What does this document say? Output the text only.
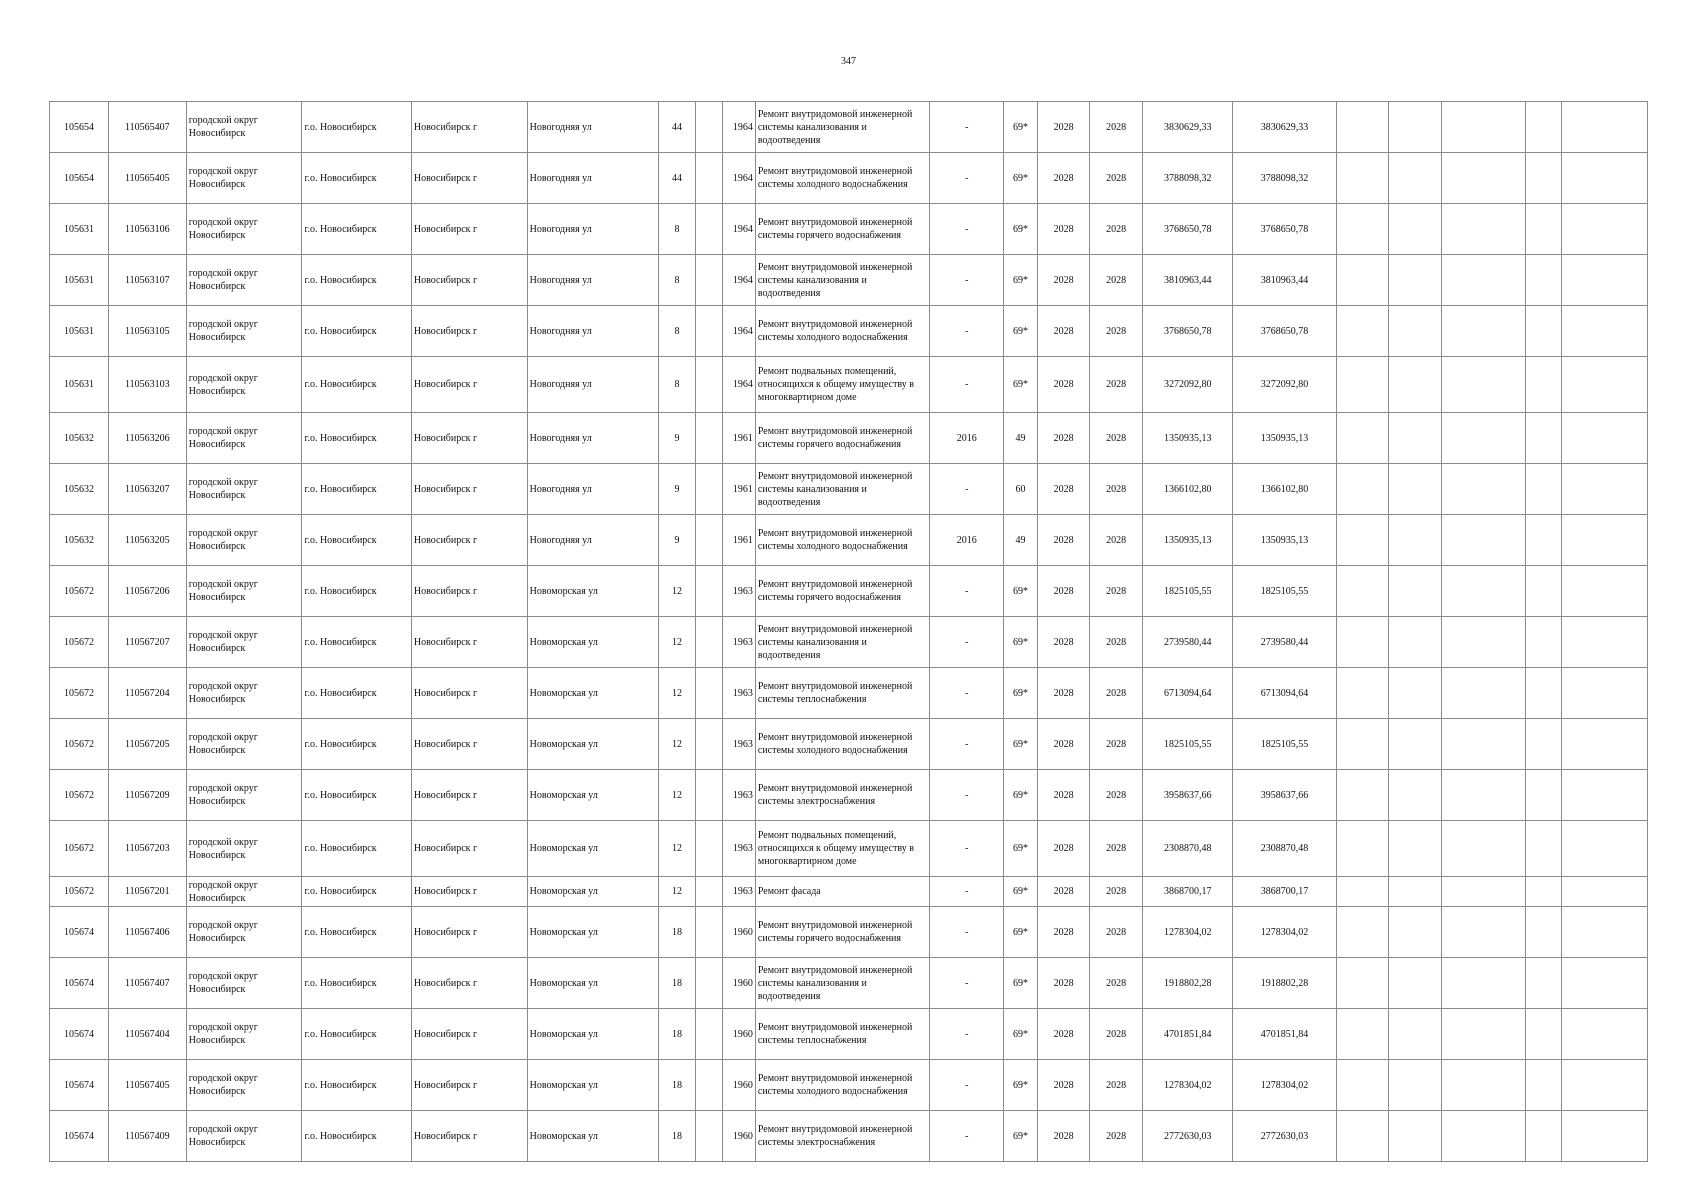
347
105654	110565407	городской округ Новосибирск	г.о. Новосибирск	Новосибирск г	Новогодняя ул	44		1964	Ремонт внутридомовой инженерной системы канализования и водоотведения	-	69*	2028	2028	3830629,33	3830629,33					
105654	110565405	городской округ Новосибирск	г.о. Новосибирск	Новосибирск г	Новогодняя ул	44		1964	Ремонт внутридомовой инженерной системы холодного водоснабжения	-	69*	2028	2028	3788098,32	3788098,32					
105631	110563106	городской округ Новосибирск	г.о. Новосибирск	Новосибирск г	Новогодняя ул	8		1964	Ремонт внутридомовой инженерной системы горячего водоснабжения	-	69*	2028	2028	3768650,78	3768650,78					
105631	110563107	городской округ Новосибирск	г.о. Новосибирск	Новосибирск г	Новогодняя ул	8		1964	Ремонт внутридомовой инженерной системы канализования и водоотведения	-	69*	2028	2028	3810963,44	3810963,44					
105631	110563105	городской округ Новосибирск	г.о. Новосибирск	Новосибирск г	Новогодняя ул	8		1964	Ремонт внутридомовой инженерной системы холодного водоснабжения	-	69*	2028	2028	3768650,78	3768650,78					
105631	110563103	городской округ Новосибирск	г.о. Новосибирск	Новосибирск г	Новогодняя ул	8		1964	Ремонт подвальных помещений, относящихся к общему имуществу в многоквартирном доме	-	69*	2028	2028	3272092,80	3272092,80					
105632	110563206	городской округ Новосибирск	г.о. Новосибирск	Новосибирск г	Новогодняя ул	9		1961	Ремонт внутридомовой инженерной системы горячего водоснабжения	2016	49	2028	2028	1350935,13	1350935,13					
105632	110563207	городской округ Новосибирск	г.о. Новосибирск	Новосибирск г	Новогодняя ул	9		1961	Ремонт внутридомовой инженерной системы канализования и водоотведения	-	60	2028	2028	1366102,80	1366102,80					
105632	110563205	городской округ Новосибирск	г.о. Новосибирск	Новосибирск г	Новогодняя ул	9		1961	Ремонт внутридомовой инженерной системы холодного водоснабжения	2016	49	2028	2028	1350935,13	1350935,13					
105672	110567206	городской округ Новосибирск	г.о. Новосибирск	Новосибирск г	Новоморская ул	12		1963	Ремонт внутридомовой инженерной системы горячего водоснабжения	-	69*	2028	2028	1825105,55	1825105,55					
105672	110567207	городской округ Новосибирск	г.о. Новосибирск	Новосибирск г	Новоморская ул	12		1963	Ремонт внутридомовой инженерной системы канализования и водоотведения	-	69*	2028	2028	2739580,44	2739580,44					
105672	110567204	городской округ Новосибирск	г.о. Новосибирск	Новосибирск г	Новоморская ул	12		1963	Ремонт внутридомовой инженерной системы теплоснабжения	-	69*	2028	2028	6713094,64	6713094,64					
105672	110567205	городской округ Новосибирск	г.о. Новосибирск	Новосибирск г	Новоморская ул	12		1963	Ремонт внутридомовой инженерной системы холодного водоснабжения	-	69*	2028	2028	1825105,55	1825105,55					
105672	110567209	городской округ Новосибирск	г.о. Новосибирск	Новосибирск г	Новоморская ул	12		1963	Ремонт внутридомовой инженерной системы электроснабжения	-	69*	2028	2028	3958637,66	3958637,66					
105672	110567203	городской округ Новосибирск	г.о. Новосибирск	Новосибирск г	Новоморская ул	12		1963	Ремонт подвальных помещений, относящихся к общему имуществу в многоквартирном доме	-	69*	2028	2028	2308870,48	2308870,48					
105672	110567201	городской округ Новосибирск	г.о. Новосибирск	Новосибирск г	Новоморская ул	12		1963	Ремонт фасада	-	69*	2028	2028	3868700,17	3868700,17					
105674	110567406	городской округ Новосибирск	г.о. Новосибирск	Новосибирск г	Новоморская ул	18		1960	Ремонт внутридомовой инженерной системы горячего водоснабжения	-	69*	2028	2028	1278304,02	1278304,02					
105674	110567407	городской округ Новосибирск	г.о. Новосибирск	Новосибирск г	Новоморская ул	18		1960	Ремонт внутридомовой инженерной системы канализования и водоотведения	-	69*	2028	2028	1918802,28	1918802,28					
105674	110567404	городской округ Новосибирск	г.о. Новосибирск	Новосибирск г	Новоморская ул	18		1960	Ремонт внутридомовой инженерной системы теплоснабжения	-	69*	2028	2028	4701851,84	4701851,84					
105674	110567405	городской округ Новосибирск	г.о. Новосибирск	Новосибирск г	Новоморская ул	18		1960	Ремонт внутридомовой инженерной системы холодного водоснабжения	-	69*	2028	2028	1278304,02	1278304,02					
105674	110567409	городской округ Новосибирск	г.о. Новосибирск	Новосибирск г	Новоморская ул	18		1960	Ремонт внутридомовой инженерной системы электроснабжения	-	69*	2028	2028	2772630,03	2772630,03					
